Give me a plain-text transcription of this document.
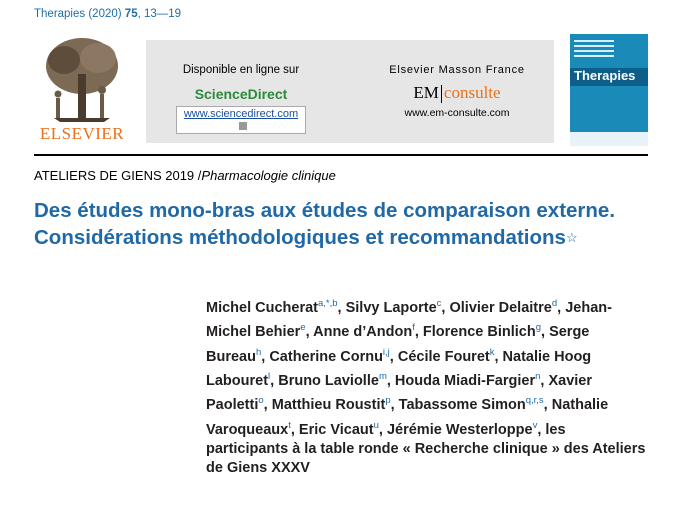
Therapies (2020) 75, 13—19
ELSEVIER
Disponible en ligne sur
ScienceDirect
www.sciencedirect.com
Elsevier Masson France
EM consulte
www.em-consulte.com
Therapies
ATELIERS DE GIENS 2019 /Pharmacologie clinique
Des études mono-bras aux études de comparaison externe. Considérations méthodologiques et recommandations☆
Michel Cucherat$^{a,*,b}$, Silvy Laporte$^c$, Olivier Delaitre$^d$, Jehan-Michel Behier$^e$, Anne d’Andon$^f$, Florence Binlich$^g$, Serge Bureau$^h$, Catherine Cornu$^{i,j}$, Cécile Fouret$^k$, Natalie Hoog Labouret$^l$, Bruno Laviolle$^m$, Houda Miadi-Fargier$^n$, Xavier Paoletti$^o$, Matthieu Roustit$^p$, Tabassome Simon$^{q,r,s}$, Nathalie Varoqueaux$^t$, Eric Vicaut$^u$, Jérémie Westerloppe$^v$, les participants à la table ronde « Recherche clinique » des Ateliers de Giens XXXV
